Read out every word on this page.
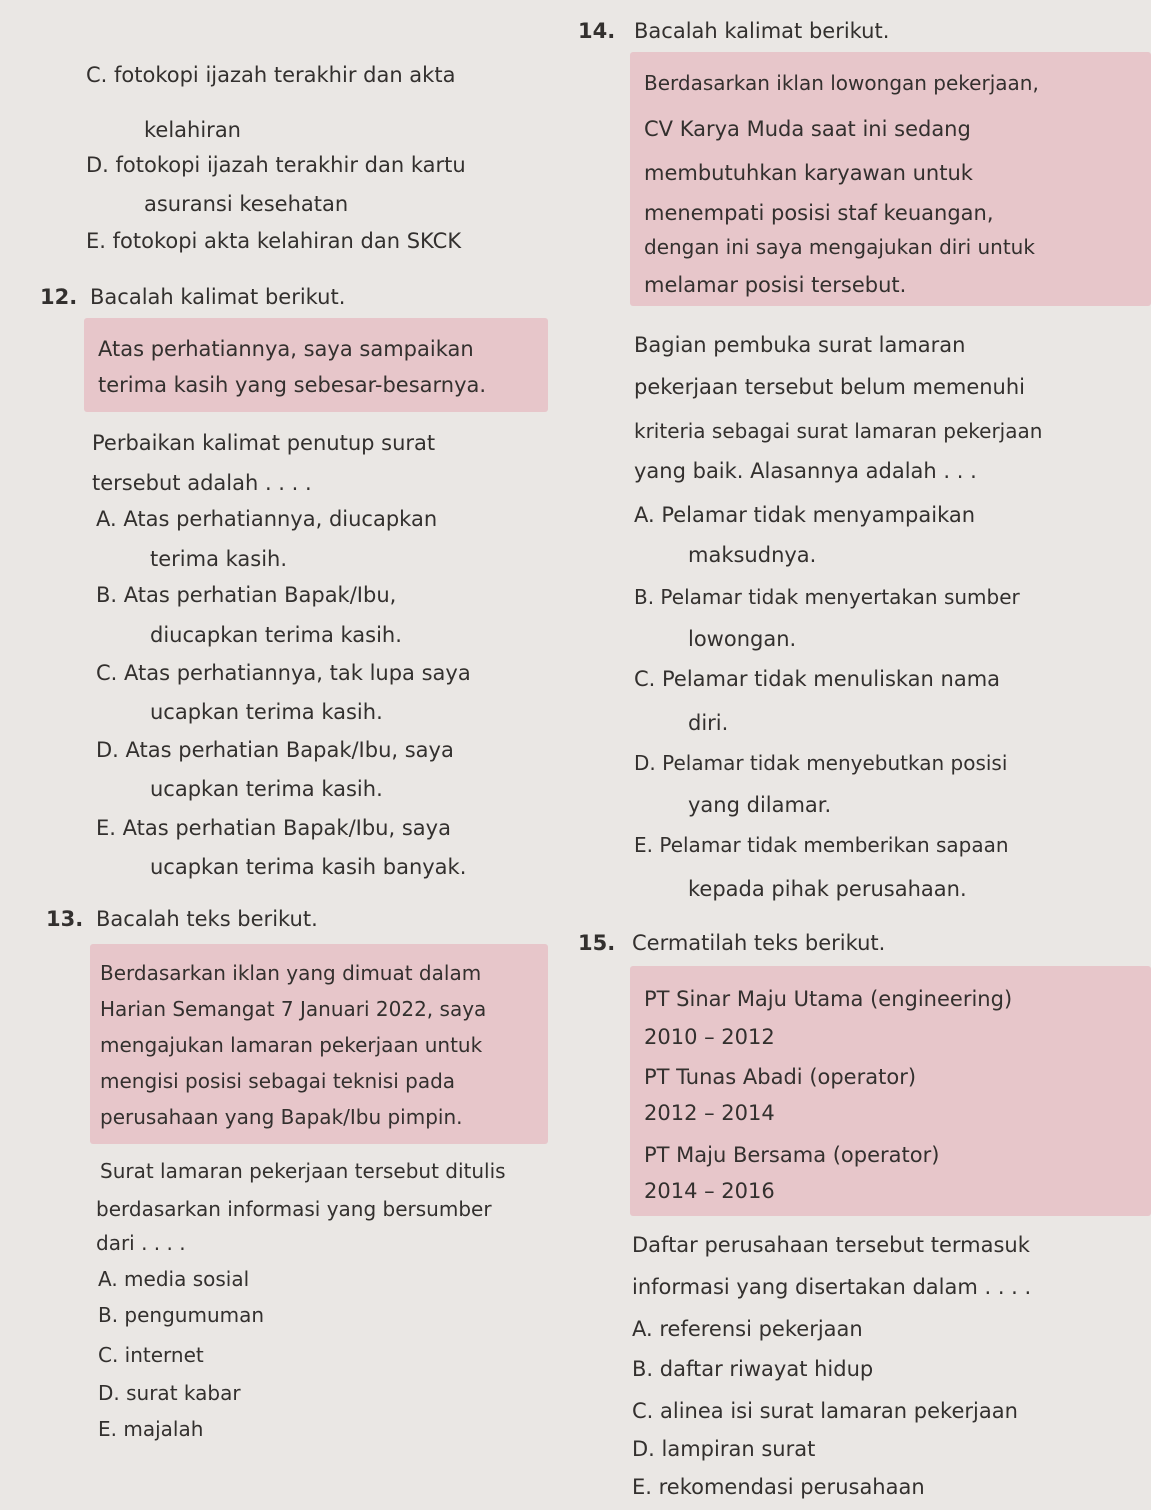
C. fotokopi ijazah terakhir dan akta
kelahiran
D. fotokopi ijazah terakhir dan kartu
asuransi kesehatan
E. fotokopi akta kelahiran dan SKCK
12. Bacalah kalimat berikut.
Atas perhatiannya, saya sampaikan
terima kasih yang sebesar-besarnya.
Perbaikan kalimat penutup surat
tersebut adalah . . . .
A. Atas perhatiannya, diucapkan
terima kasih.
B. Atas perhatian Bapak/Ibu,
diucapkan terima kasih.
C. Atas perhatiannya, tak lupa saya
ucapkan terima kasih.
D. Atas perhatian Bapak/Ibu, saya
ucapkan terima kasih.
E. Atas perhatian Bapak/Ibu, saya
ucapkan terima kasih banyak.
13. Bacalah teks berikut.
Berdasarkan iklan yang dimuat dalam
Harian Semangat 7 Januari 2022, saya
mengajukan lamaran pekerjaan untuk
mengisi posisi sebagai teknisi pada
perusahaan yang Bapak/Ibu pimpin.
Surat lamaran pekerjaan tersebut ditulis
berdasarkan informasi yang bersumber
dari . . . .
A. media sosial
B. pengumuman
C. internet
D. surat kabar
E. majalah
14. Bacalah kalimat berikut.
Berdasarkan iklan lowongan pekerjaan,
CV Karya Muda saat ini sedang
membutuhkan karyawan untuk
menempati posisi staf keuangan,
dengan ini saya mengajukan diri untuk
melamar posisi tersebut.
Bagian pembuka surat lamaran
pekerjaan tersebut belum memenuhi
kriteria sebagai surat lamaran pekerjaan
yang baik. Alasannya adalah . . .
A. Pelamar tidak menyampaikan
maksudnya.
B. Pelamar tidak menyertakan sumber
lowongan.
C. Pelamar tidak menuliskan nama
diri.
D. Pelamar tidak menyebutkan posisi
yang dilamar.
E. Pelamar tidak memberikan sapaan
kepada pihak perusahaan.
15. Cermatilah teks berikut.
PT Sinar Maju Utama (engineering)
2010 – 2012
PT Tunas Abadi (operator)
2012 – 2014
PT Maju Bersama (operator)
2014 – 2016
Daftar perusahaan tersebut termasuk
informasi yang disertakan dalam . . . .
A. referensi pekerjaan
B. daftar riwayat hidup
C. alinea isi surat lamaran pekerjaan
D. lampiran surat
E. rekomendasi perusahaan
